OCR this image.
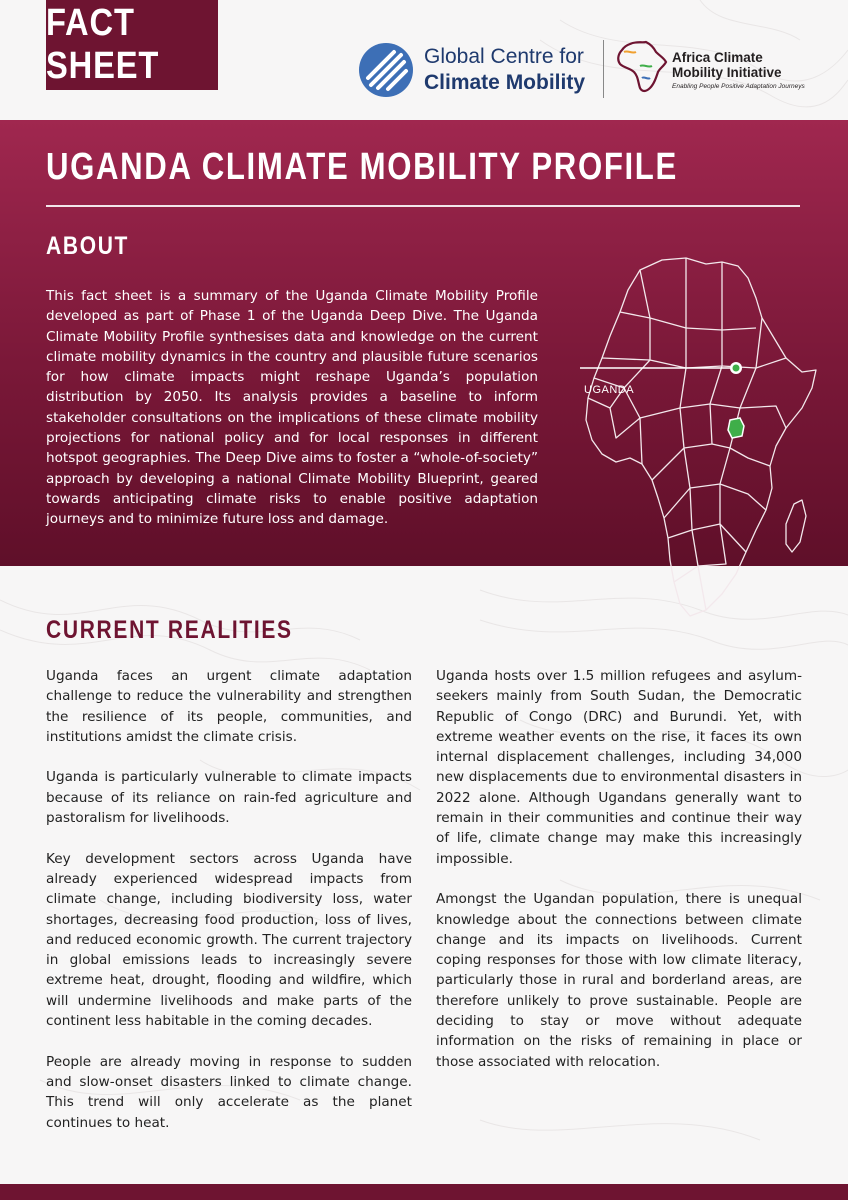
FACT SHEET	Global Centre for
Climate Mobility
Africa Climate
Mobility Initiative
Enabling People Positive Adaptation Journeys
UGANDA CLIMATE MOBILITY PROFILE
ABOUT

This fact sheet is a summary of the Uganda Climate Mobility Profile developed as part of Phase 1 of the Uganda Deep Dive. The Uganda Climate Mobility Profile synthesises data and knowledge on the current climate mobility dynamics in the country and plausible future scenarios for how climate impacts might reshape Uganda’s population distribution by 2050. Its analysis provides a baseline to inform stakeholder consultations on the implications of these climate mobility projections for national policy and for local responses in different hotspot geographies. The Deep Dive aims to foster a “whole-of-society” approach by developing a national Climate Mobility Blueprint, geared towards anticipating climate risks to enable positive adaptation journeys and to minimize future loss and damage.

UGANDA
CURRENT REALITIES

Uganda faces an urgent climate adaptation challenge to reduce the vulnerability and strengthen the resilience of its people, communities, and institutions amidst the climate crisis.

Uganda is particularly vulnerable to climate impacts because of its reliance on rain-fed agriculture and pastoralism for livelihoods.

Key development sectors across Uganda have already experienced widespread impacts from climate change, including biodiversity loss, water shortages, decreasing food production, loss of lives, and reduced economic growth. The current trajectory in global emissions leads to increasingly severe extreme heat, drought, flooding and wildfire, which will undermine livelihoods and make parts of the continent less habitable in the coming decades.

People are already moving in response to sudden and slow-onset disasters linked to climate change. This trend will only accelerate as the planet continues to heat.

Uganda hosts over 1.5 million refugees and asylum-seekers mainly from South Sudan, the Democratic Republic of Congo (DRC) and Burundi. Yet, with extreme weather events on the rise, it faces its own internal displacement challenges, including 34,000 new displacements due to environmental disasters in 2022 alone. Although Ugandans generally want to remain in their communities and continue their way of life, climate change may make this increasingly impossible.

Amongst the Ugandan population, there is unequal knowledge about the connections between climate change and its impacts on livelihoods. Current coping responses for those with low climate literacy, particularly those in rural and borderland areas, are therefore unlikely to prove sustainable. People are deciding to stay or move without adequate information on the risks of remaining in place or those associated with relocation.
